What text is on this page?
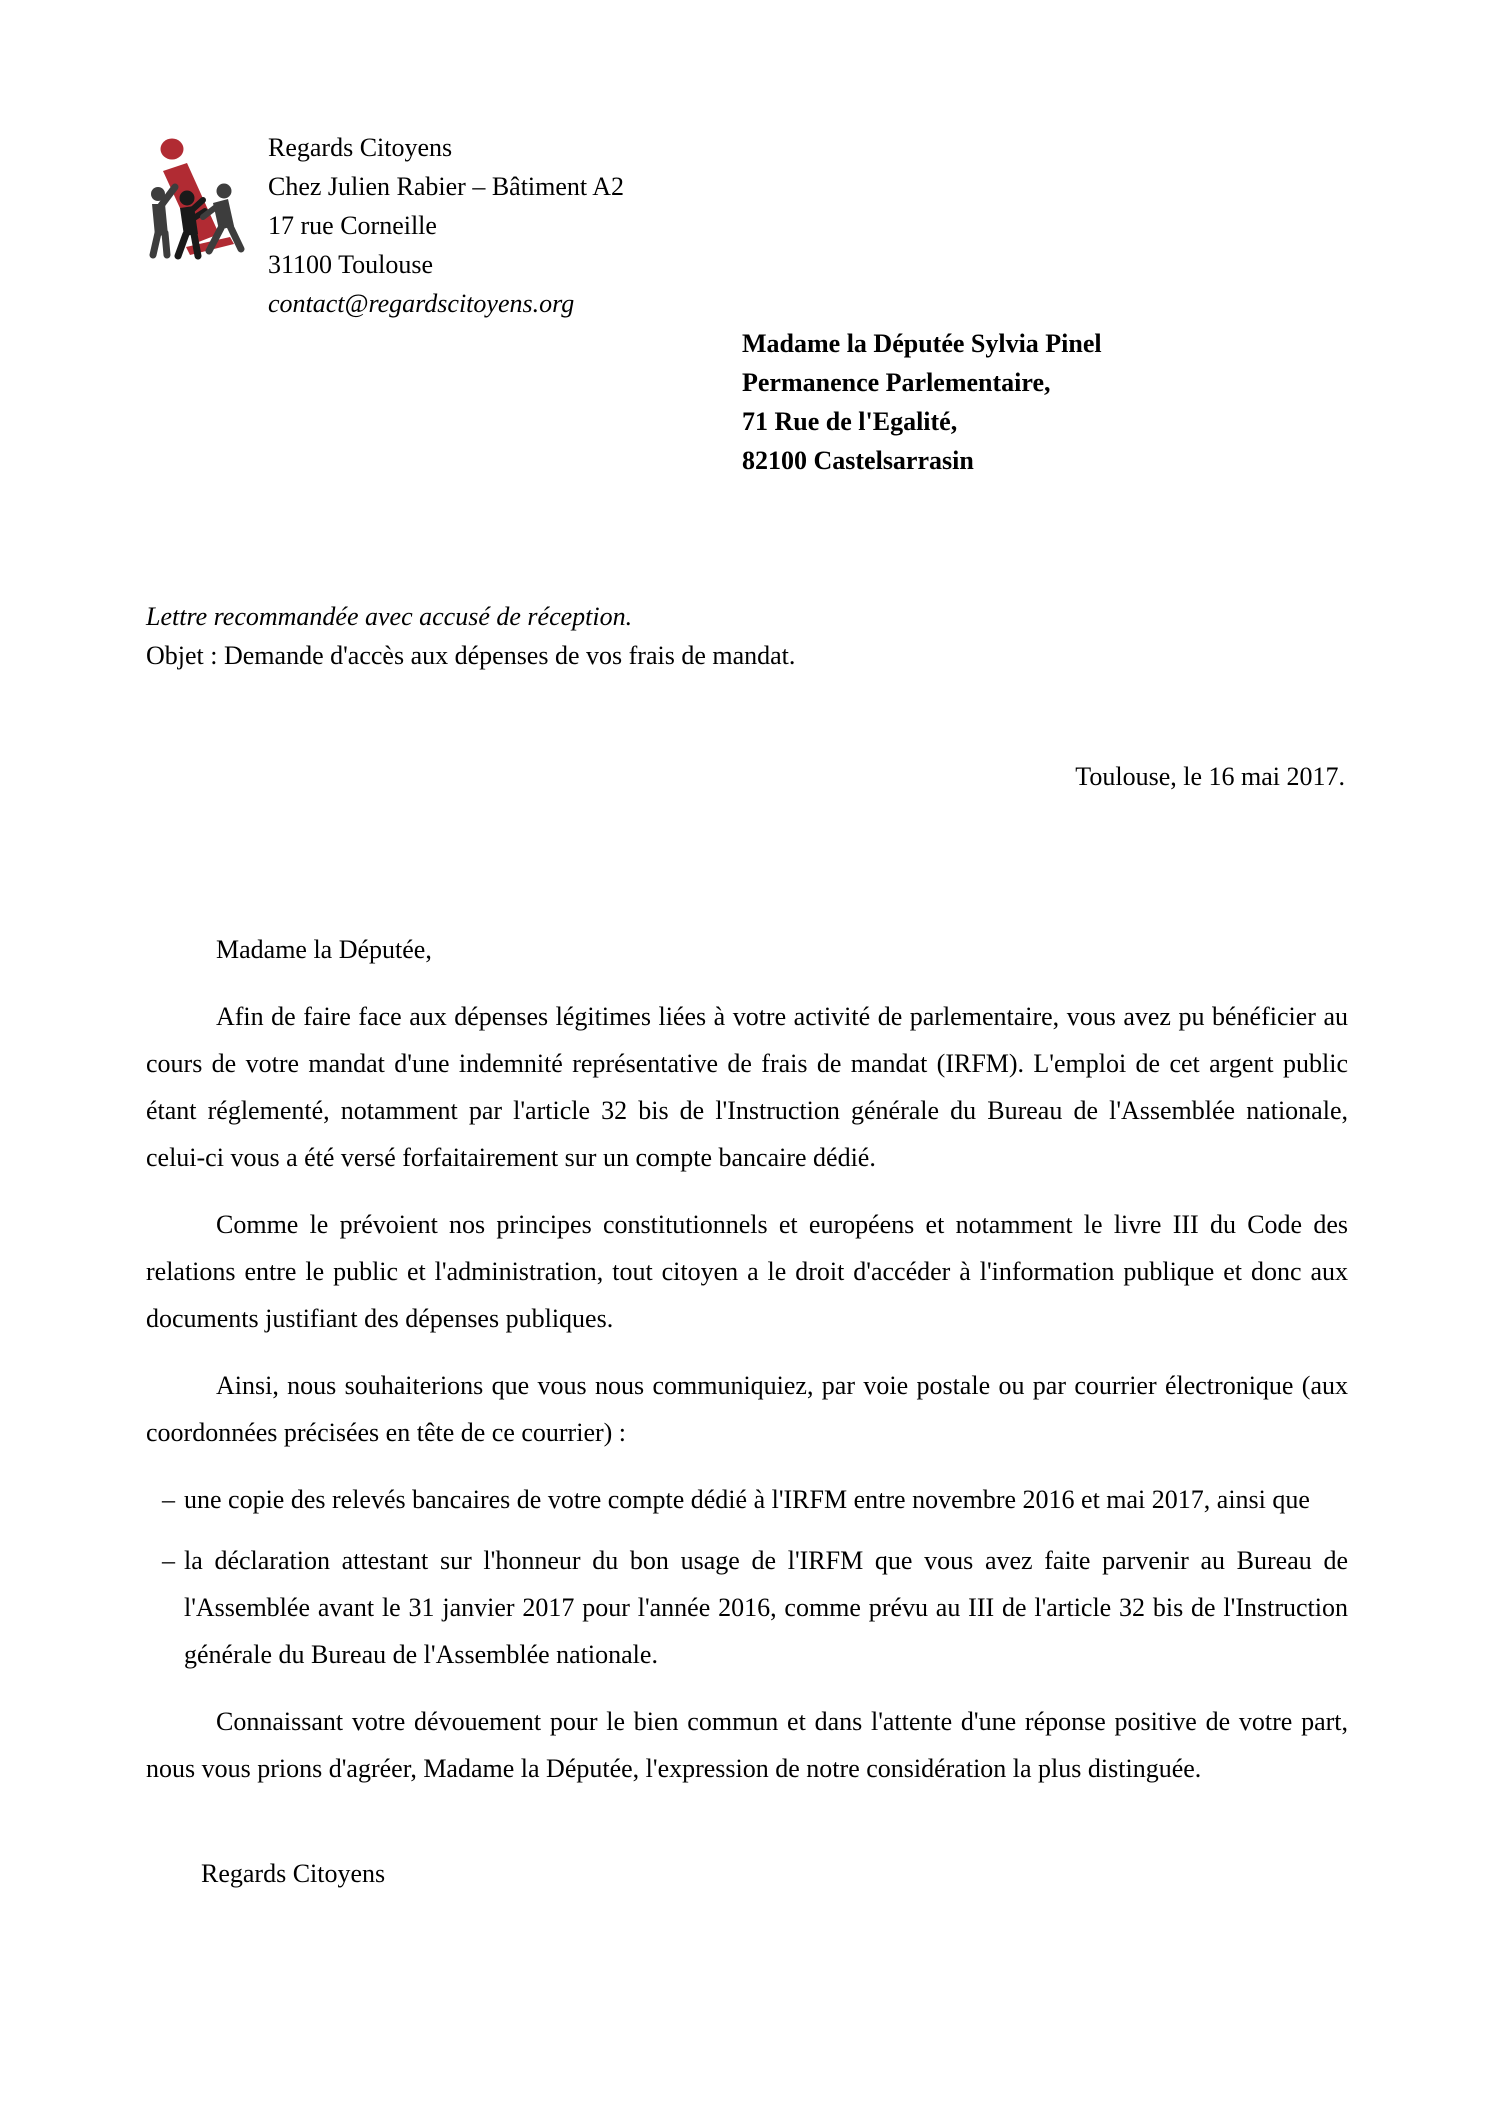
Regards Citoyens
Chez Julien Rabier – Bâtiment A2
17 rue Corneille
31100 Toulouse
contact@regardscitoyens.org
Madame la Députée Sylvia Pinel
Permanence Parlementaire,
71 Rue de l'Egalité,
82100 Castelsarrasin
Lettre recommandée avec accusé de réception.
Objet : Demande d'accès aux dépenses de vos frais de mandat.
Toulouse, le 16 mai 2017.

Madame la Députée,

Afin de faire face aux dépenses légitimes liées à votre activité de parlementaire, vous avez pu bénéficier au cours de votre mandat d'une indemnité représentative de frais de mandat (IRFM). L'emploi de cet argent public étant réglementé, notamment par l'article 32 bis de l'Instruction générale du Bureau de l'Assemblée nationale, celui-ci vous a été versé forfaitairement sur un compte bancaire dédié.

Comme le prévoient nos principes constitutionnels et européens et notamment le livre III du Code des relations entre le public et l'administration, tout citoyen a le droit d'accéder à l'information publique et donc aux documents justifiant des dépenses publiques.

Ainsi, nous souhaiterions que vous nous communiquiez, par voie postale ou par courrier électronique (aux coordonnées précisées en tête de ce courrier) :

– une copie des relevés bancaires de votre compte dédié à l'IRFM entre novembre 2016 et mai 2017, ainsi que
– la déclaration attestant sur l'honneur du bon usage de l'IRFM que vous avez faite parvenir au Bureau de l'Assemblée avant le 31 janvier 2017 pour l'année 2016, comme prévu au III de l'article 32 bis de l'Instruction générale du Bureau de l'Assemblée nationale.

Connaissant votre dévouement pour le bien commun et dans l'attente d'une réponse positive de votre part, nous vous prions d'agréer, Madame la Députée, l'expression de notre considération la plus distinguée.

Regards Citoyens
